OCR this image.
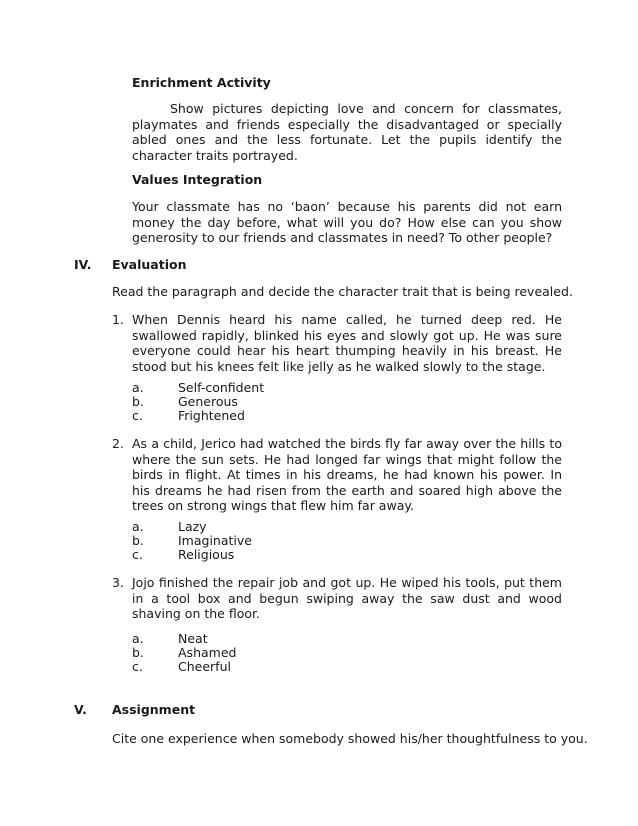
Enrichment Activity
Show pictures depicting love and concern for classmates, playmates and friends especially the disadvantaged or specially abled ones and the less fortunate. Let the pupils identify the character traits portrayed.
Values Integration
Your classmate has no ‘baon’ because his parents did not earn money the day before, what will you do? How else can you show generosity to our friends and classmates in need? To other people?
IV. Evaluation
Read the paragraph and decide the character trait that is being revealed.
1. When Dennis heard his name called, he turned deep red. He swallowed rapidly, blinked his eyes and slowly got up. He was sure everyone could hear his heart thumping heavily in his breast. He stood but his knees felt like jelly as he walked slowly to the stage.
a.	Self-confident
b.	Generous
c.	Frightened
2. As a child, Jerico had watched the birds fly far away over the hills to where the sun sets. He had longed far wings that might follow the birds in flight. At times in his dreams, he had known his power. In his dreams he had risen from the earth and soared high above the trees on strong wings that flew him far away.
a.	Lazy
b.	Imaginative
c.	Religious
3. Jojo finished the repair job and got up. He wiped his tools, put them in a tool box and begun swiping away the saw dust and wood shaving on the floor.
a.	Neat
b.	Ashamed
c.	Cheerful
V. Assignment
Cite one experience when somebody showed his/her thoughtfulness to you.
